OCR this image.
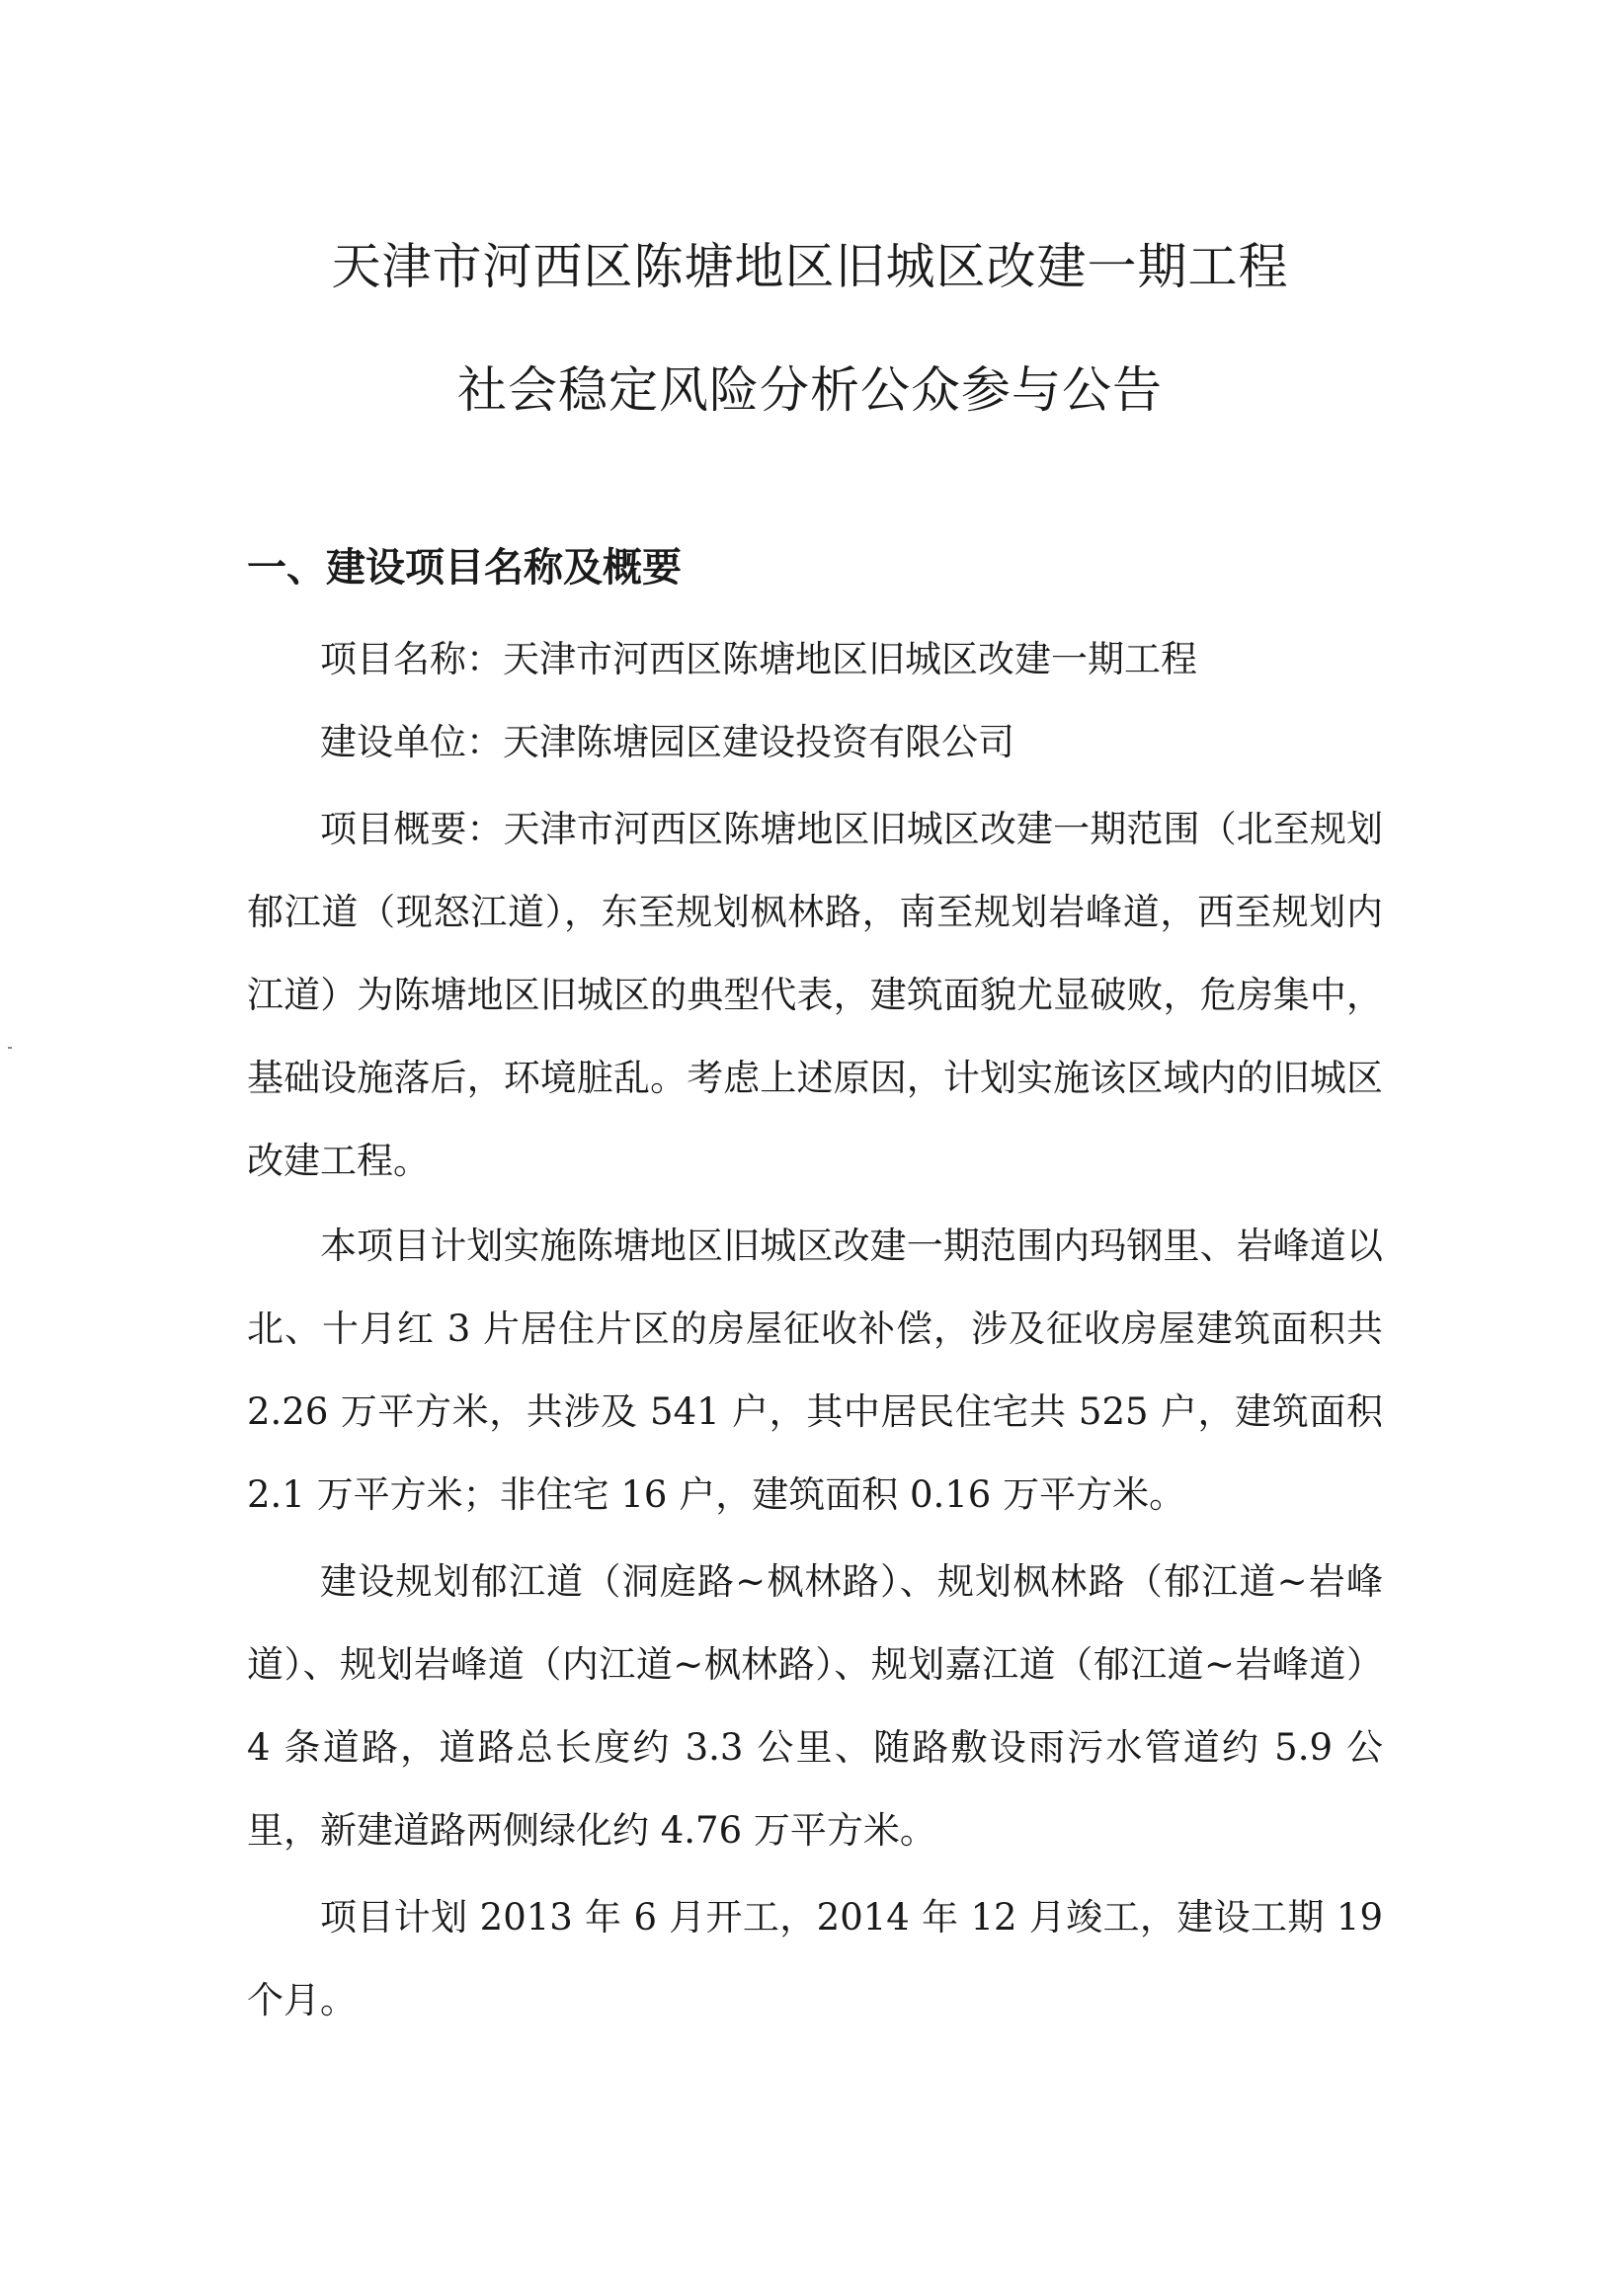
天津市河西区陈塘地区旧城区改建一期工程
社会稳定风险分析公众参与公告
一、建设项目名称及概要
项目名称：天津市河西区陈塘地区旧城区改建一期工程
建设单位：天津陈塘园区建设投资有限公司
项目概要：天津市河西区陈塘地区旧城区改建一期范围（北至规划郁江道（现怒江道），东至规划枫林路，南至规划岩峰道，西至规划内江道）为陈塘地区旧城区的典型代表，建筑面貌尤显破败，危房集中，基础设施落后，环境脏乱。考虑上述原因，计划实施该区域内的旧城区改建工程。
本项目计划实施陈塘地区旧城区改建一期范围内玛钢里、岩峰道以北、十月红 3 片居住片区的房屋征收补偿，涉及征收房屋建筑面积共 2.26 万平方米，共涉及 541 户，其中居民住宅共 525 户，建筑面积 2.1 万平方米；非住宅 16 户，建筑面积 0.16 万平方米。
建设规划郁江道（洞庭路~枫林路）、规划枫林路（郁江道~岩峰道）、规划岩峰道（内江道~枫林路）、规划嘉江道（郁江道~岩峰道）4 条道路，道路总长度约 3.3 公里、随路敷设雨污水管道约 5.9 公里，新建道路两侧绿化约 4.76 万平方米。
项目计划 2013 年 6 月开工，2014 年 12 月竣工，建设工期 19 个月。
